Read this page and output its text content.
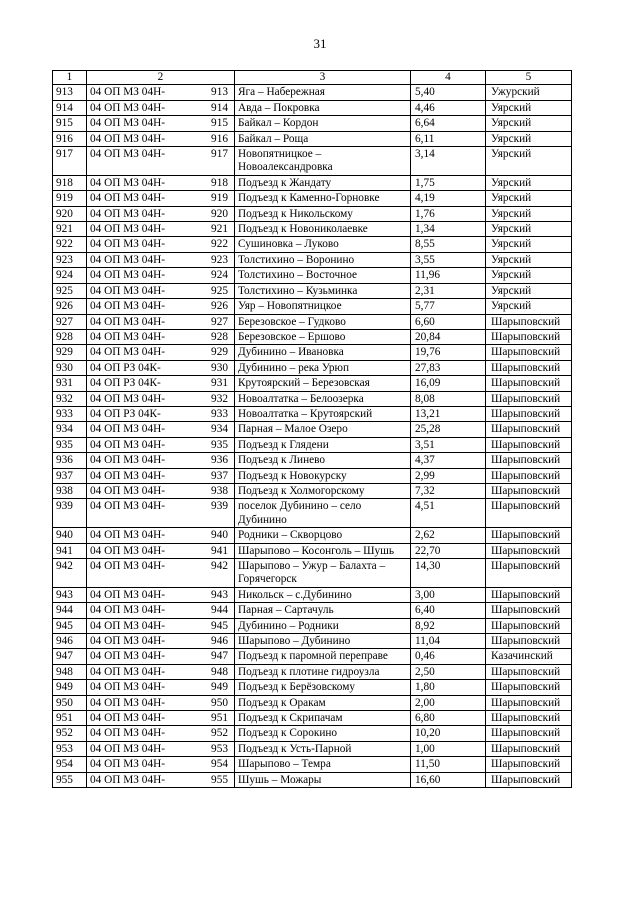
31
1	2	3	4	5
913	04 ОП МЗ 04Н- 913	Яга – Набережная	5,40	Ужурский
914	04 ОП МЗ 04Н- 914	Авда – Покровка	4,46	Уярский
915	04 ОП МЗ 04Н- 915	Байкал – Кордон	6,64	Уярский
916	04 ОП МЗ 04Н- 916	Байкал – Роща	6,11	Уярский
917	04 ОП МЗ 04Н- 917	Новопятницкое – Новоалександровка	3,14	Уярский
918	04 ОП МЗ 04Н- 918	Подъезд к Жандату	1,75	Уярский
919	04 ОП МЗ 04Н- 919	Подъезд к Каменно-Горновке	4,19	Уярский
920	04 ОП МЗ 04Н- 920	Подъезд к Никольскому	1,76	Уярский
921	04 ОП МЗ 04Н- 921	Подъезд к Новониколаевке	1,34	Уярский
922	04 ОП МЗ 04Н- 922	Сушиновка – Луково	8,55	Уярский
923	04 ОП МЗ 04Н- 923	Толстихино – Воронино	3,55	Уярский
924	04 ОП МЗ 04Н- 924	Толстихино – Восточное	11,96	Уярский
925	04 ОП МЗ 04Н- 925	Толстихино – Кузьминка	2,31	Уярский
926	04 ОП МЗ 04Н- 926	Уяр – Новопятницкое	5,77	Уярский
927	04 ОП МЗ 04Н- 927	Березовское – Гудково	6,60	Шарыповский
928	04 ОП МЗ 04Н- 928	Березовское – Ершово	20,84	Шарыповский
929	04 ОП МЗ 04Н- 929	Дубинино – Ивановка	19,76	Шарыповский
930	04 ОП РЗ 04К- 930	Дубинино – река Урюп	27,83	Шарыповский
931	04 ОП РЗ 04К- 931	Крутоярский – Березовская	16,09	Шарыповский
932	04 ОП МЗ 04Н- 932	Новоалтатка – Белоозерка	8,08	Шарыповский
933	04 ОП РЗ 04К- 933	Новоалтатка – Крутоярский	13,21	Шарыповский
934	04 ОП МЗ 04Н- 934	Парная – Малое Озеро	25,28	Шарыповский
935	04 ОП МЗ 04Н- 935	Подъезд к Глядени	3,51	Шарыповский
936	04 ОП МЗ 04Н- 936	Подъезд к Линево	4,37	Шарыповский
937	04 ОП МЗ 04Н- 937	Подъезд к Новокурску	2,99	Шарыповский
938	04 ОП МЗ 04Н- 938	Подъезд к Холмогорскому	7,32	Шарыповский
939	04 ОП МЗ 04Н- 939	поселок Дубинино – село Дубинино	4,51	Шарыповский
940	04 ОП МЗ 04Н- 940	Родники – Скворцово	2,62	Шарыповский
941	04 ОП МЗ 04Н- 941	Шарыпово – Косонголь – Шушь	22,70	Шарыповский
942	04 ОП МЗ 04Н- 942	Шарыпово – Ужур – Балахта – Горячегорск	14,30	Шарыповский
943	04 ОП МЗ 04Н- 943	Никольск – с.Дубинино	3,00	Шарыповский
944	04 ОП МЗ 04Н- 944	Парная – Сартачуль	6,40	Шарыповский
945	04 ОП МЗ 04Н- 945	Дубинино – Родники	8,92	Шарыповский
946	04 ОП МЗ 04Н- 946	Шарыпово – Дубинино	11,04	Шарыповский
947	04 ОП МЗ 04Н- 947	Подъезд к паромной переправе	0,46	Казачинский
948	04 ОП МЗ 04Н- 948	Подъезд к плотине гидроузла	2,50	Шарыповский
949	04 ОП МЗ 04Н- 949	Подъезд к Берёзовскому	1,80	Шарыповский
950	04 ОП МЗ 04Н- 950	Подъезд к Оракам	2,00	Шарыповский
951	04 ОП МЗ 04Н- 951	Подъезд к Скрипачам	6,80	Шарыповский
952	04 ОП МЗ 04Н- 952	Подъезд к Сорокино	10,20	Шарыповский
953	04 ОП МЗ 04Н- 953	Подъезд к Усть-Парной	1,00	Шарыповский
954	04 ОП МЗ 04Н- 954	Шарыпово – Темра	11,50	Шарыповский
955	04 ОП МЗ 04Н- 955	Шушь – Можары	16,60	Шарыповский
